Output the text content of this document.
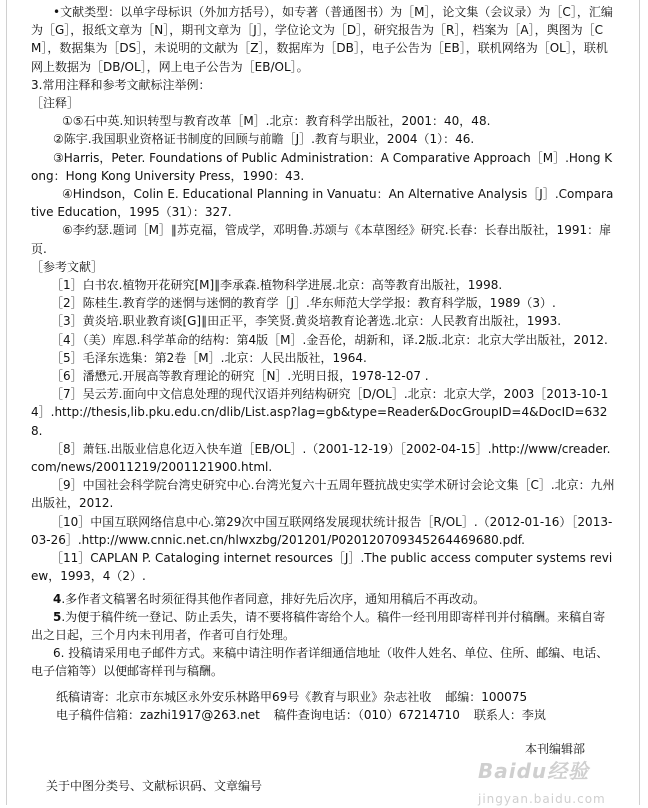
•文献类型：以单字母标识（外加方括号），如专著（普通图书）为［M］，论文集（会议录）为［C］，汇编为［G］，报纸文章为［N］，期刊文章为［J］，学位论文为［D］，研究报告为［R］，档案为［A］，舆图为［CM］，数据集为［DS］，未说明的文献为［Z］，数据库为［DB］，电子公告为［EB］，联机网络为［OL］，联机网上数据为［DB/OL］，网上电子公告为［EB/OL］。

3.常用注释和参考文献标注举例：

［注释］

①⑤石中英.知识转型与教育改革［M］.北京：教育科学出版社，2001：40，48.

②陈宇.我国职业资格证书制度的回顾与前瞻［J］.教育与职业，2004（1）：46.

③Harris，Peter. Foundations of Public Administration：A Comparative Approach［M］.Hong Kong：Hong Kong University Press，1990：43.

④Hindson，Colin E. Educational Planning in Vanuatu：An Alternative Analysis［J］.Comparative Education，1995（31）：327.

⑥李约瑟.题词［M］∥苏克福，管成学，邓明鲁.苏颂与《本草图经》研究.长春：长春出版社，1991：扉页.

［参考文献］

［1］白书农.植物开花研究[M]∥李承森.植物科学进展.北京：高等教育出版社，1998.

［2］陈桂生.教育学的迷惘与迷惘的教育学［J］.华东师范大学学报：教育科学版，1989（3）.

［3］黄炎培.职业教育谈[G]∥田正平，李笑贤.黄炎培教育论著选.北京：人民教育出版社，1993.

［4］（美）库恩.科学革命的结构：第4版［M］.金吾伦，胡新和，译.2版.北京：北京大学出版社，2012.

［5］毛泽东选集：第2卷［M］.北京：人民出版社，1964.

［6］潘懋元.开展高等教育理论的研究［N］.光明日报，1978-12-07 .

［7］吴云芳.面向中文信息处理的现代汉语并列结构研究［D/OL］.北京：北京大学，2003［2013-10-14］.http://thesis,lib.pku.edu.cn/dlib/List.asp?lag=gb&type=Reader&DocGroupID=4&DocID=6328.

［8］萧钰.出版业信息化迈入快车道［EB/OL］.（2001-12-19）［2002-04-15］.http://www/creader.com/news/20011219/2001121900.html.

［9］中国社会科学院台湾史研究中心.台湾光复六十五周年暨抗战史实学术研讨会论文集［C］.北京：九州出版社，2012.

［10］中国互联网络信息中心.第29次中国互联网络发展现状统计报告［R/OL］.（2012-01-16）［2013-03-26］.http://www.cnnic.net.cn/hlwxzbg/201201/P020120709345264469680.pdf.

［11］CAPLAN P. Cataloging internet resources［J］.The public access computer systems review，1993，4（2）.

4.多作者文稿署名时须征得其他作者同意，排好先后次序，通知用稿后不再改动。

5.为便于稿件统一登记、防止丢失，请不要将稿件寄给个人。稿件一经刊用即寄样刊并付稿酬。来稿自寄出之日起，三个月内未刊用者，作者可自行处理。

6. 投稿请采用电子邮件方式。来稿中请注明作者详细通信地址（收件人姓名、单位、住所、邮编、电话、电子信箱等）以便邮寄样刊与稿酬。

纸稿请寄：北京市东城区永外安乐林路甲69号《教育与职业》杂志社收 邮编：100075
电子稿件信箱：zazhi1917@263.net 稿件查询电话：（010）67214710 联系人：李岚
本刊编辑部
Baidu经验
jingyan.baidu.com
关于中图分类号、文献标识码、文章编号
